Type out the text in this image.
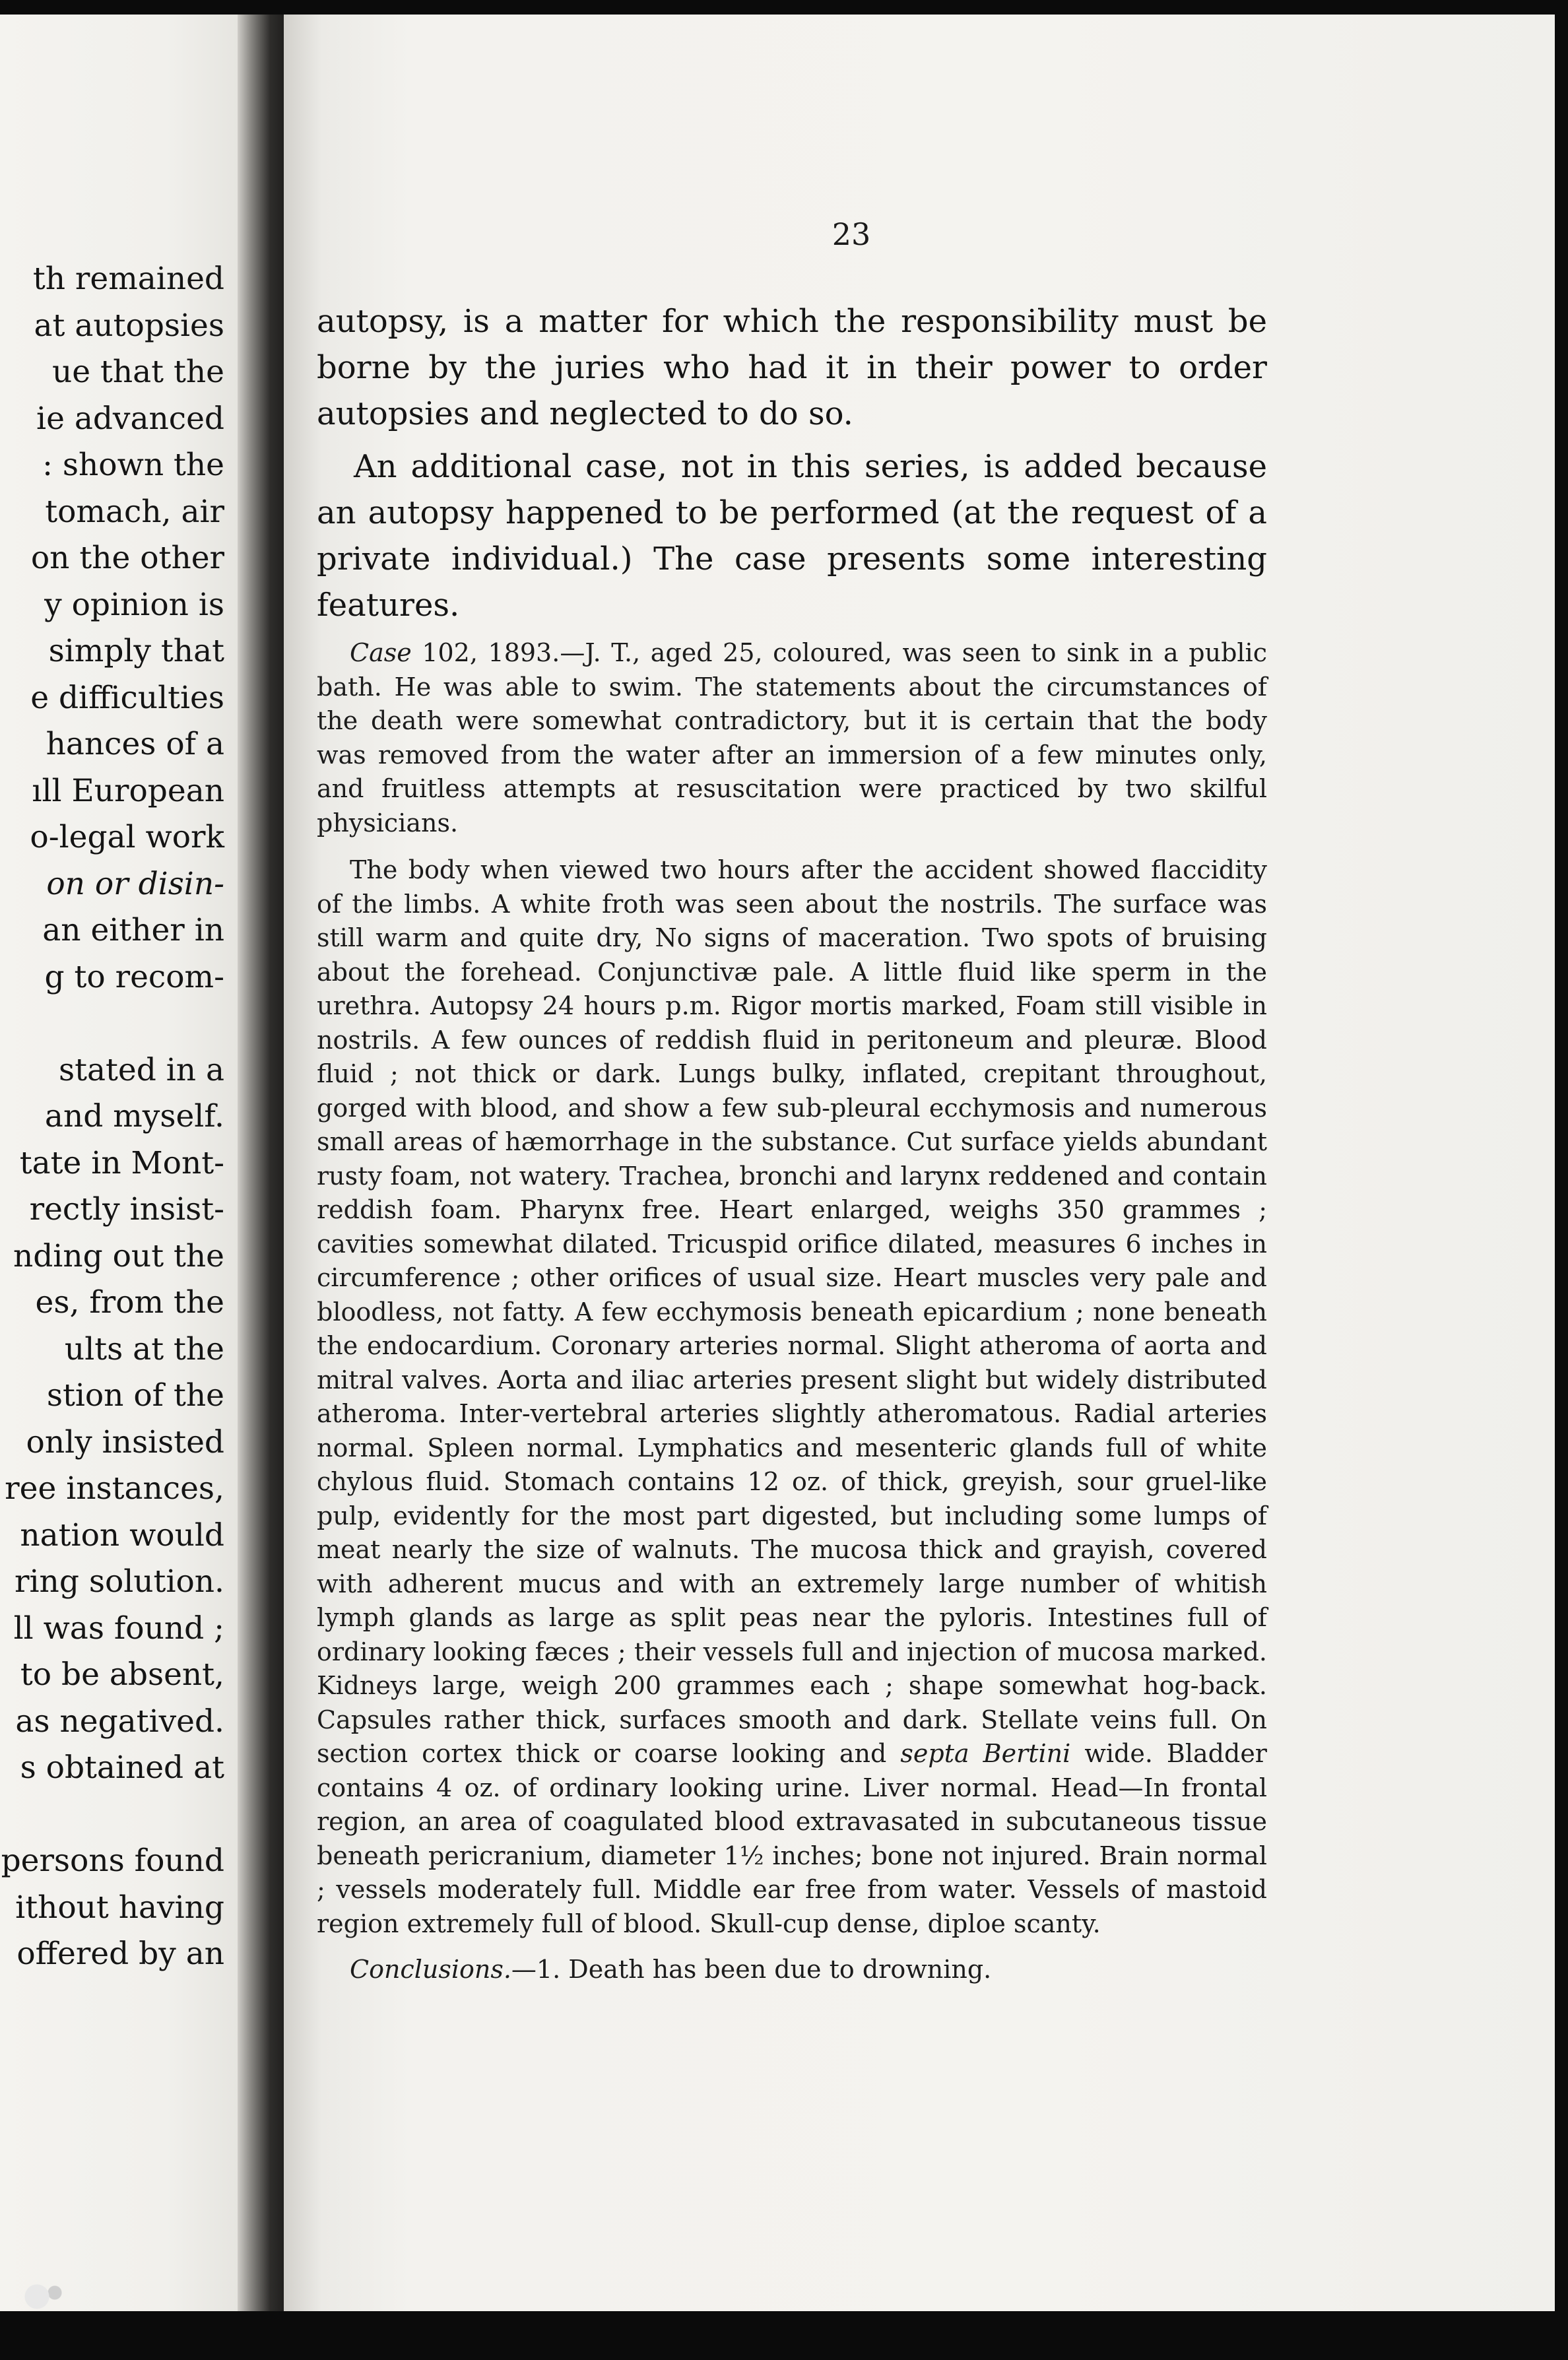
th remained
at autopsies
ue that the
ie advanced
: shown the
tomach, air
on the other
y opinion is
simply that
e difficulties
hances of a
ıll European
o-legal work
on or disin-
an either in
g to recom-
stated in a
and myself.
tate in Mont-
rectly insist-
nding out the
es, from the
ults at the
stion of the
only insisted
ree instances,
nation would
ring solution.
ll was found ;
to be absent,
as negatived.
s obtained at
persons found
ithout having
offered by an
23

autopsy, is a matter for which the responsibility must be borne by the juries who had it in their power to order autopsies and neglected to do so.

An additional case, not in this series, is added because an autopsy happened to be performed (at the request of a private individual.) The case presents some interesting features.

Case 102, 1893.—J. T., aged 25, coloured, was seen to sink in a public bath. He was able to swim. The statements about the circumstances of the death were somewhat contradictory, but it is certain that the body was removed from the water after an immersion of a few minutes only, and fruitless attempts at resuscitation were practiced by two skilful physicians.

The body when viewed two hours after the accident showed flaccidity of the limbs. A white froth was seen about the nostrils. The surface was still warm and quite dry, No signs of maceration. Two spots of bruising about the forehead. Conjunctivæ pale. A little fluid like sperm in the urethra. Autopsy 24 hours p.m. Rigor mortis marked, Foam still visible in nostrils. A few ounces of reddish fluid in peritoneum and pleuræ. Blood fluid ; not thick or dark. Lungs bulky, inflated, crepitant throughout, gorged with blood, and show a few sub-pleural ecchymosis and numerous small areas of hæmorrhage in the substance. Cut surface yields abundant rusty foam, not watery. Trachea, bronchi and larynx reddened and contain reddish foam. Pharynx free. Heart enlarged, weighs 350 grammes ; cavities somewhat dilated. Tricuspid orifice dilated, measures 6 inches in circumference ; other orifices of usual size. Heart muscles very pale and bloodless, not fatty. A few ecchymosis beneath epicardium ; none beneath the endocardium. Coronary arteries normal. Slight atheroma of aorta and mitral valves. Aorta and iliac arteries present slight but widely distributed atheroma. Inter-vertebral arteries slightly atheromatous. Radial arteries normal. Spleen normal. Lymphatics and mesenteric glands full of white chylous fluid. Stomach contains 12 oz. of thick, greyish, sour gruel-like pulp, evidently for the most part digested, but including some lumps of meat nearly the size of walnuts. The mucosa thick and grayish, covered with adherent mucus and with an extremely large number of whitish lymph glands as large as split peas near the pyloris. Intestines full of ordinary looking fæces ; their vessels full and injection of mucosa marked. Kidneys large, weigh 200 grammes each ; shape somewhat hog-back. Capsules rather thick, surfaces smooth and dark. Stellate veins full. On section cortex thick or coarse looking and septa Bertini wide. Bladder contains 4 oz. of ordinary looking urine. Liver normal. Head—In frontal region, an area of coagulated blood extravasated in subcutaneous tissue beneath pericranium, diameter 1½ inches; bone not injured. Brain normal ; vessels moderately full. Middle ear free from water. Vessels of mastoid region extremely full of blood. Skull-cup dense, diploe scanty.

Conclusions.—1. Death has been due to drowning.
